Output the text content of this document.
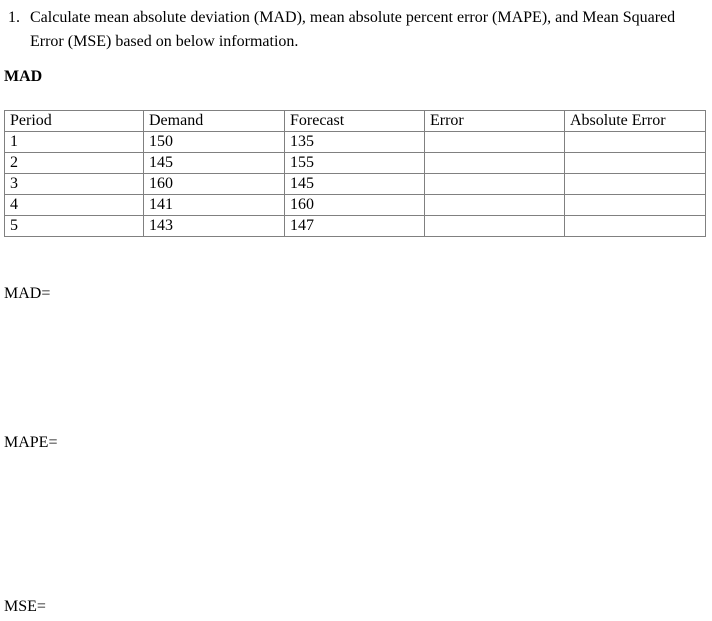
1. Calculate mean absolute deviation (MAD), mean absolute percent error (MAPE), and Mean Squared Error (MSE) based on below information.
MAD
Period	Demand	Forecast	Error	Absolute Error
1	150	135		
2	145	155		
3	160	145		
4	141	160		
5	143	147		
MAD=
MAPE=
MSE=
